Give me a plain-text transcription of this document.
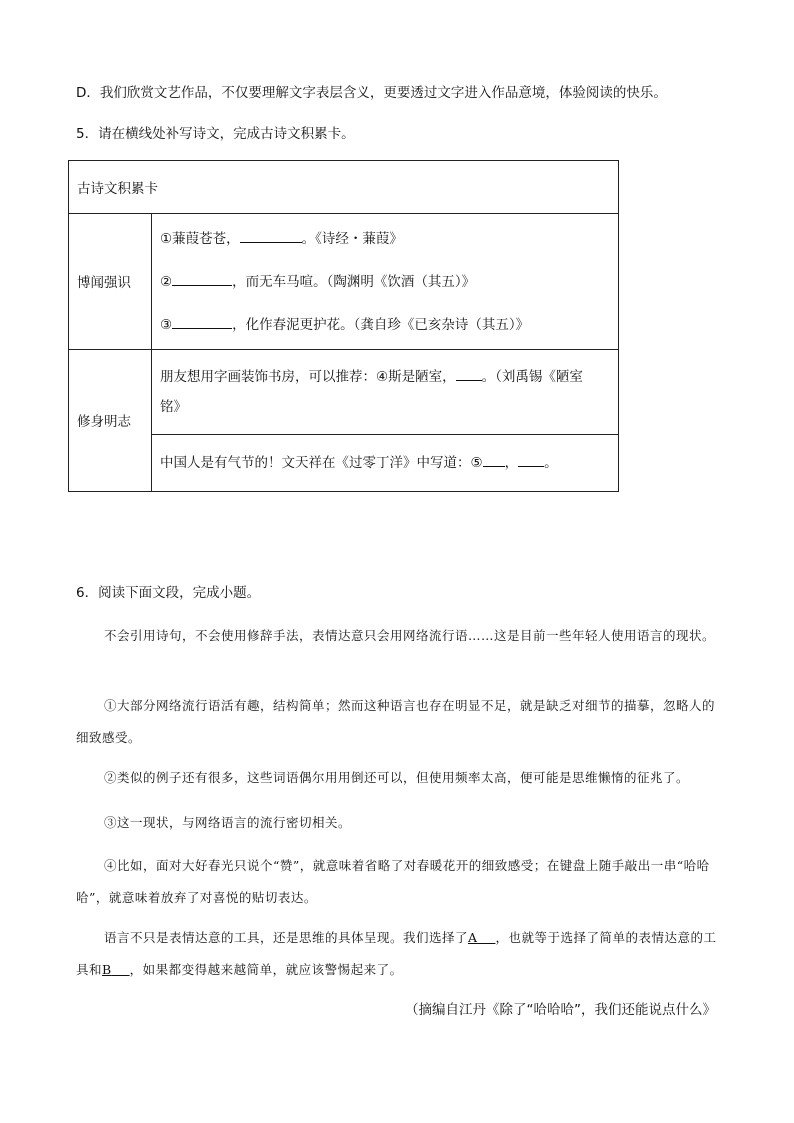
D．我们欣赏文艺作品，不仅要理解文字表层含义，更要透过文字进入作品意境，体验阅读的快乐。
5．请在横线处补写诗文，完成古诗文积累卡。
古诗文积累卡	
博闻强识	①蒹葭苍苍， 。《诗经・蒹葭》

② ，而无车马喧。（陶渊明《饮酒（其五）》

③ ，化作春泥更护花。（龚自珍《已亥杂诗（其五）》

修身明志	朋友想用字画装饰书房，可以推荐：④斯是陋室， 。（刘禹锡《陋室

铭》

	中国人是有气节的！文天祥在《过零丁洋》中写道：⑤ ， 。

6．阅读下面文段，完成小题。

不会引用诗句，不会使用修辞手法，表情达意只会用网络流行语……这是目前一些年轻人使用语言的现状。

①大部分网络流行语活有趣，结构简单；然而这种语言也存在明显不足，就是缺乏对细节的描摹，忽略人的细致感受。

②类似的例子还有很多，这些词语偶尔用用倒还可以，但使用频率太高，便可能是思维懒惰的征兆了。

③这一现状，与网络语言的流行密切相关。

④比如，面对大好春光只说个“赞”，就意味着省略了对春暖花开的细致感受；在键盘上随手敲出一串“哈哈哈”，就意味着放弃了对喜悦的贴切表达。

语言不只是表情达意的工具，还是思维的具体呈现。我们选择了A ，也就等于选择了简单的表情达意的工具和B ，如果都变得越来越简单，就应该警惕起来了。

（摘编自江丹《除了“哈哈哈”，我们还能说点什么》
